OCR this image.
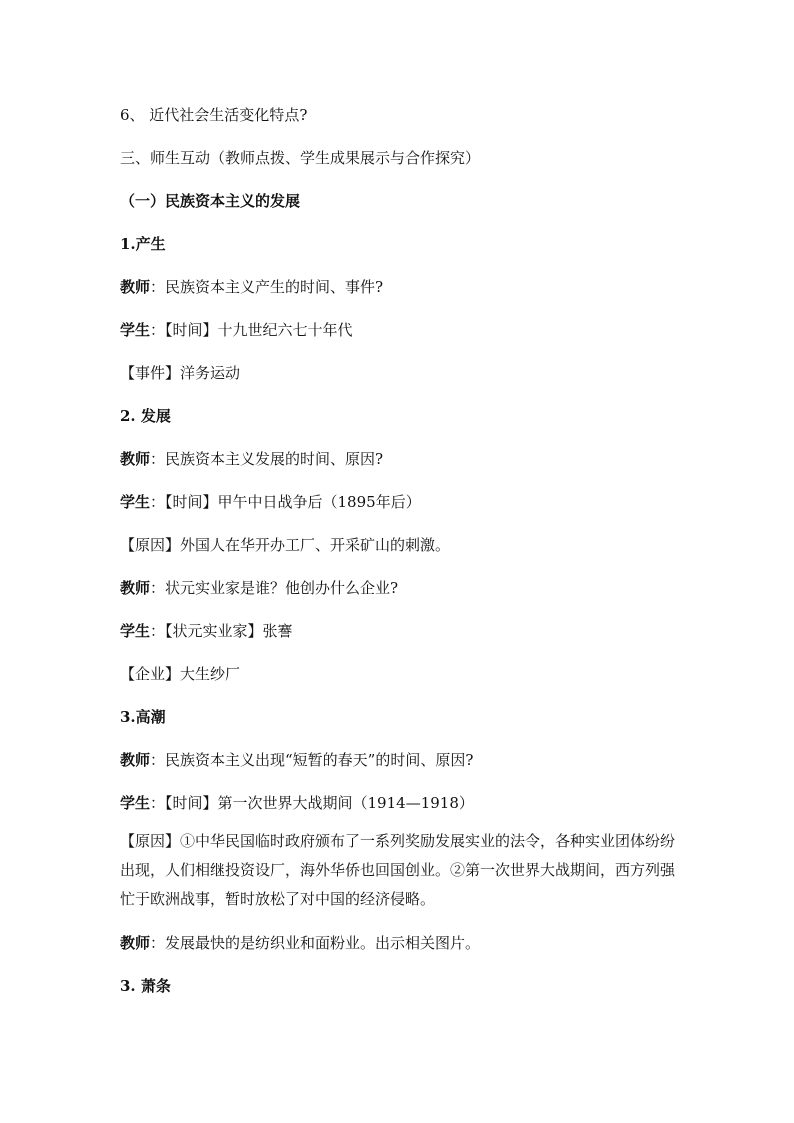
6、 近代社会生活变化特点?
三、师生互动（教师点拨、学生成果展示与合作探究）
（一）民族资本主义的发展
1.产生
教师：民族资本主义产生的时间、事件?
学生：【时间】十九世纪六七十年代
【事件】洋务运动
2. 发展
教师：民族资本主义发展的时间、原因?
学生：【时间】甲午中日战争后（1895年后）
【原因】外国人在华开办工厂、开采矿山的刺激。
教师：状元实业家是谁？他创办什么企业?
学生：【状元实业家】张謇
【企业】大生纱厂
3.高潮
教师：民族资本主义出现“短暂的春天”的时间、原因?
学生：【时间】第一次世界大战期间（1914—1918）
【原因】①中华民国临时政府颁布了一系列奖励发展实业的法令，各种实业团体纷纷出现，人们相继投资设厂，海外华侨也回国创业。②第一次世界大战期间，西方列强忙于欧洲战事，暂时放松了对中国的经济侵略。
教师：发展最快的是纺织业和面粉业。出示相关图片。
3. 萧条
